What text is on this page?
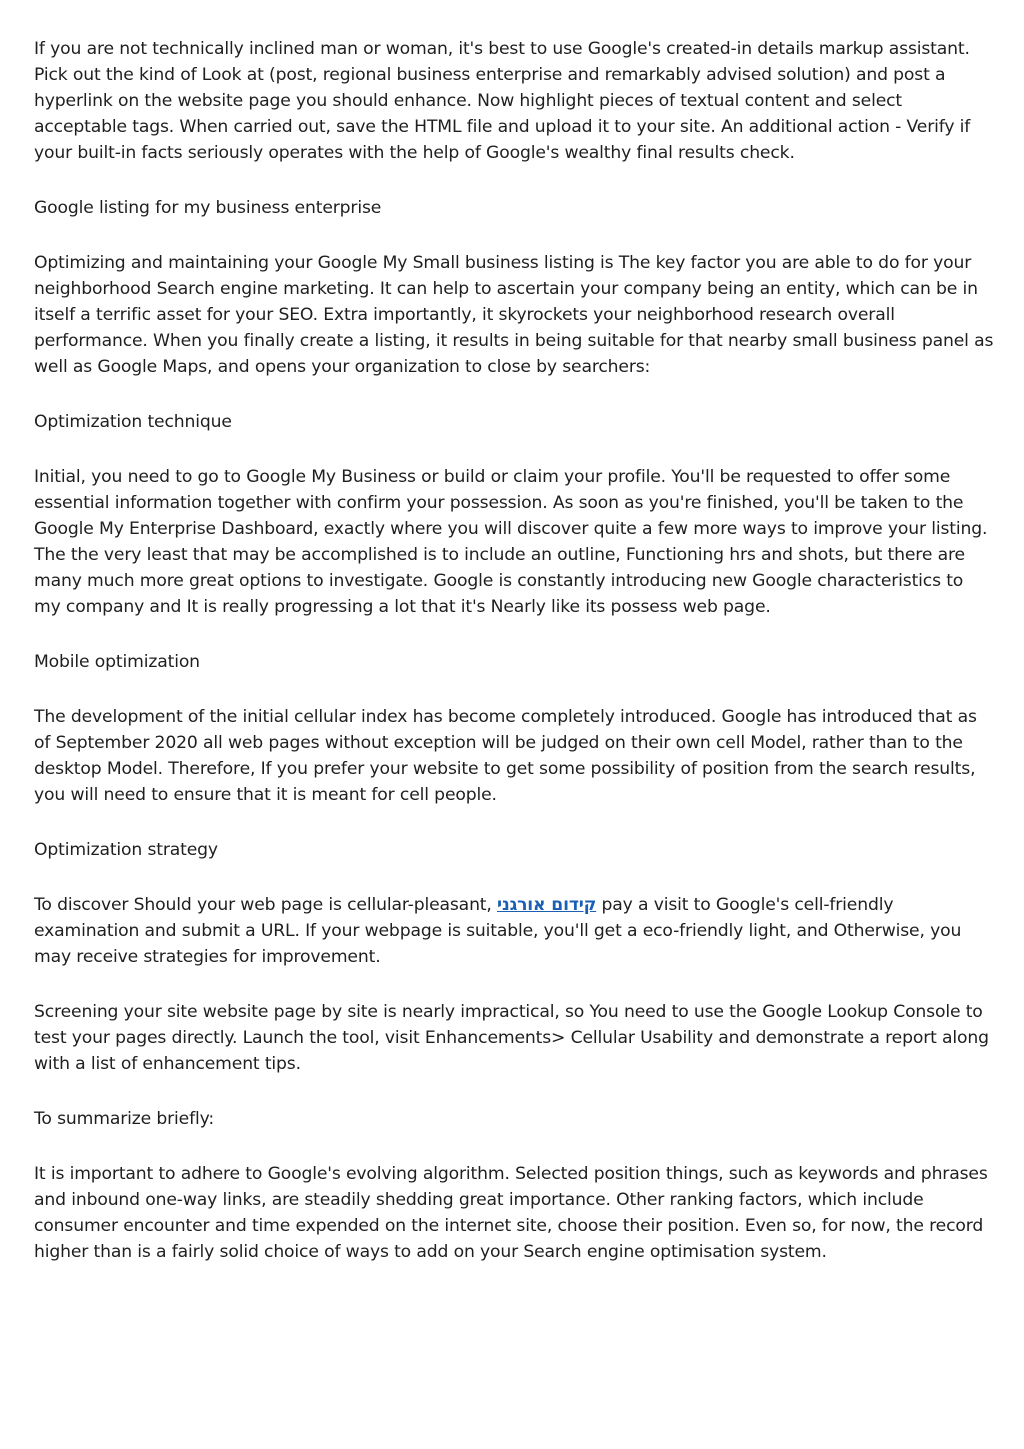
If you are not technically inclined man or woman, it's best to use Google's created-in details markup assistant. Pick out the kind of Look at (post, regional business enterprise and remarkably advised solution) and post a hyperlink on the website page you should enhance. Now highlight pieces of textual content and select acceptable tags. When carried out, save the HTML file and upload it to your site. An additional action - Verify if your built-in facts seriously operates with the help of Google's wealthy final results check.

Google listing for my business enterprise

Optimizing and maintaining your Google My Small business listing is The key factor you are able to do for your neighborhood Search engine marketing. It can help to ascertain your company being an entity, which can be in itself a terrific asset for your SEO. Extra importantly, it skyrockets your neighborhood research overall performance. When you finally create a listing, it results in being suitable for that nearby small business panel as well as Google Maps, and opens your organization to close by searchers:

Optimization technique

Initial, you need to go to Google My Business or build or claim your profile. You'll be requested to offer some essential information together with confirm your possession. As soon as you're finished, you'll be taken to the Google My Enterprise Dashboard, exactly where you will discover quite a few more ways to improve your listing. The the very least that may be accomplished is to include an outline, Functioning hrs and shots, but there are many much more great options to investigate. Google is constantly introducing new Google characteristics to my company and It is really progressing a lot that it's Nearly like its possess web page.

Mobile optimization

The development of the initial cellular index has become completely introduced. Google has introduced that as of September 2020 all web pages without exception will be judged on their own cell Model, rather than to the desktop Model. Therefore, If you prefer your website to get some possibility of position from the search results, you will need to ensure that it is meant for cell people.

Optimization strategy

To discover Should your web page is cellular-pleasant, קידום אורגני pay a visit to Google's cell-friendly examination and submit a URL. If your webpage is suitable, you'll get a eco-friendly light, and Otherwise, you may receive strategies for improvement.

Screening your site website page by site is nearly impractical, so You need to use the Google Lookup Console to test your pages directly. Launch the tool, visit Enhancements> Cellular Usability and demonstrate a report along with a list of enhancement tips.

To summarize briefly:

It is important to adhere to Google's evolving algorithm. Selected position things, such as keywords and phrases and inbound one-way links, are steadily shedding great importance. Other ranking factors, which include consumer encounter and time expended on the internet site, choose their position. Even so, for now, the record higher than is a fairly solid choice of ways to add on your Search engine optimisation system.
